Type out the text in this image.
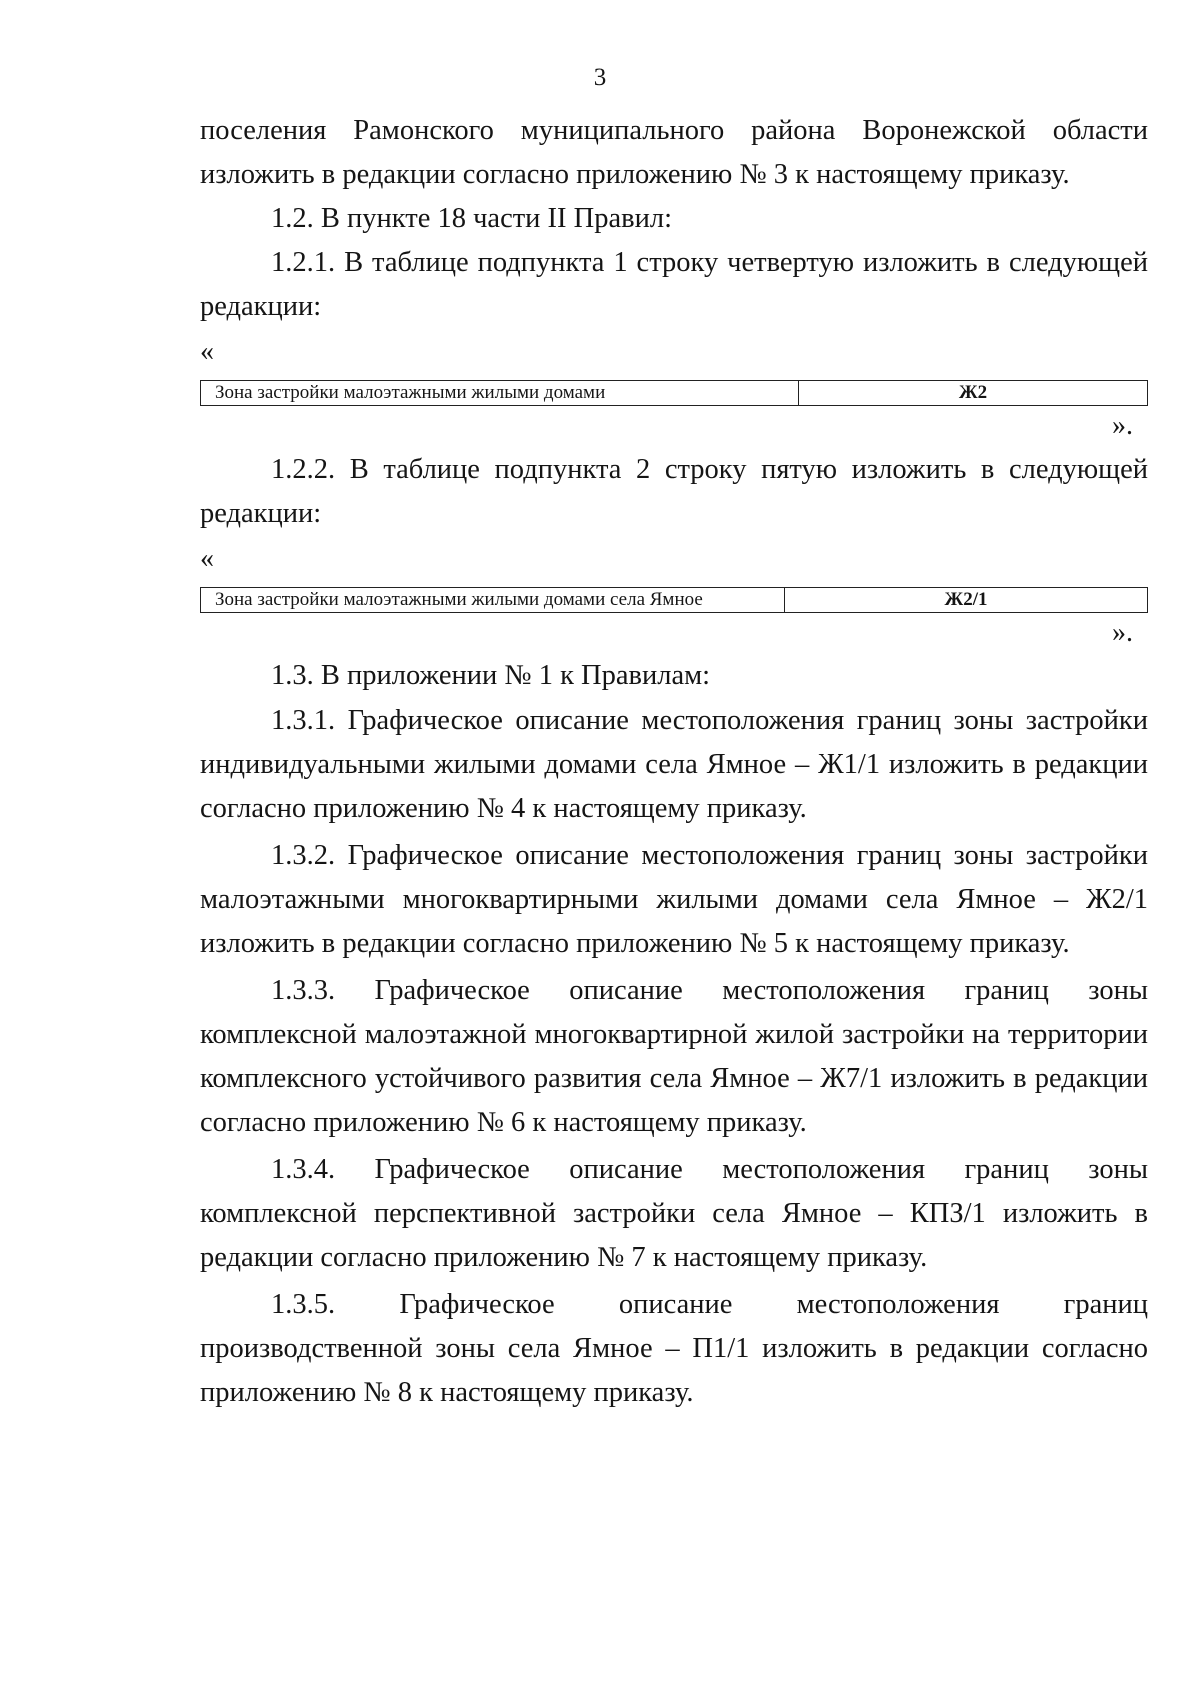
3
поселения Рамонского муниципального района Воронежской области
изложить в редакции согласно приложению № 3 к настоящему приказу.
1.2. В пункте 18 части II Правил:
1.2.1. В таблице подпункта 1 строку четвертую изложить в следующей
редакции:
«
Зона застройки малоэтажными жилыми домами	Ж2
».
1.2.2. В таблице подпункта 2 строку пятую изложить в следующей
редакции:
«
Зона застройки малоэтажными жилыми домами села Ямное	Ж2/1
».
1.3. В приложении № 1 к Правилам:
1.3.1. Графическое описание местоположения границ зоны застройки
индивидуальными жилыми домами села Ямное – Ж1/1 изложить в редакции
согласно приложению № 4 к настоящему приказу.
1.3.2. Графическое описание местоположения границ зоны застройки
малоэтажными многоквартирными жилыми домами села Ямное – Ж2/1
изложить в редакции согласно приложению № 5 к настоящему приказу.
1.3.3. Графическое описание местоположения границ зоны
комплексной малоэтажной многоквартирной жилой застройки на территории
комплексного устойчивого развития села Ямное – Ж7/1 изложить в редакции
согласно приложению № 6 к настоящему приказу.
1.3.4. Графическое описание местоположения границ зоны
комплексной перспективной застройки села Ямное – КПЗ/1 изложить в
редакции согласно приложению № 7 к настоящему приказу.
1.3.5. Графическое описание местоположения границ
производственной зоны села Ямное – П1/1 изложить в редакции согласно
приложению № 8 к настоящему приказу.
